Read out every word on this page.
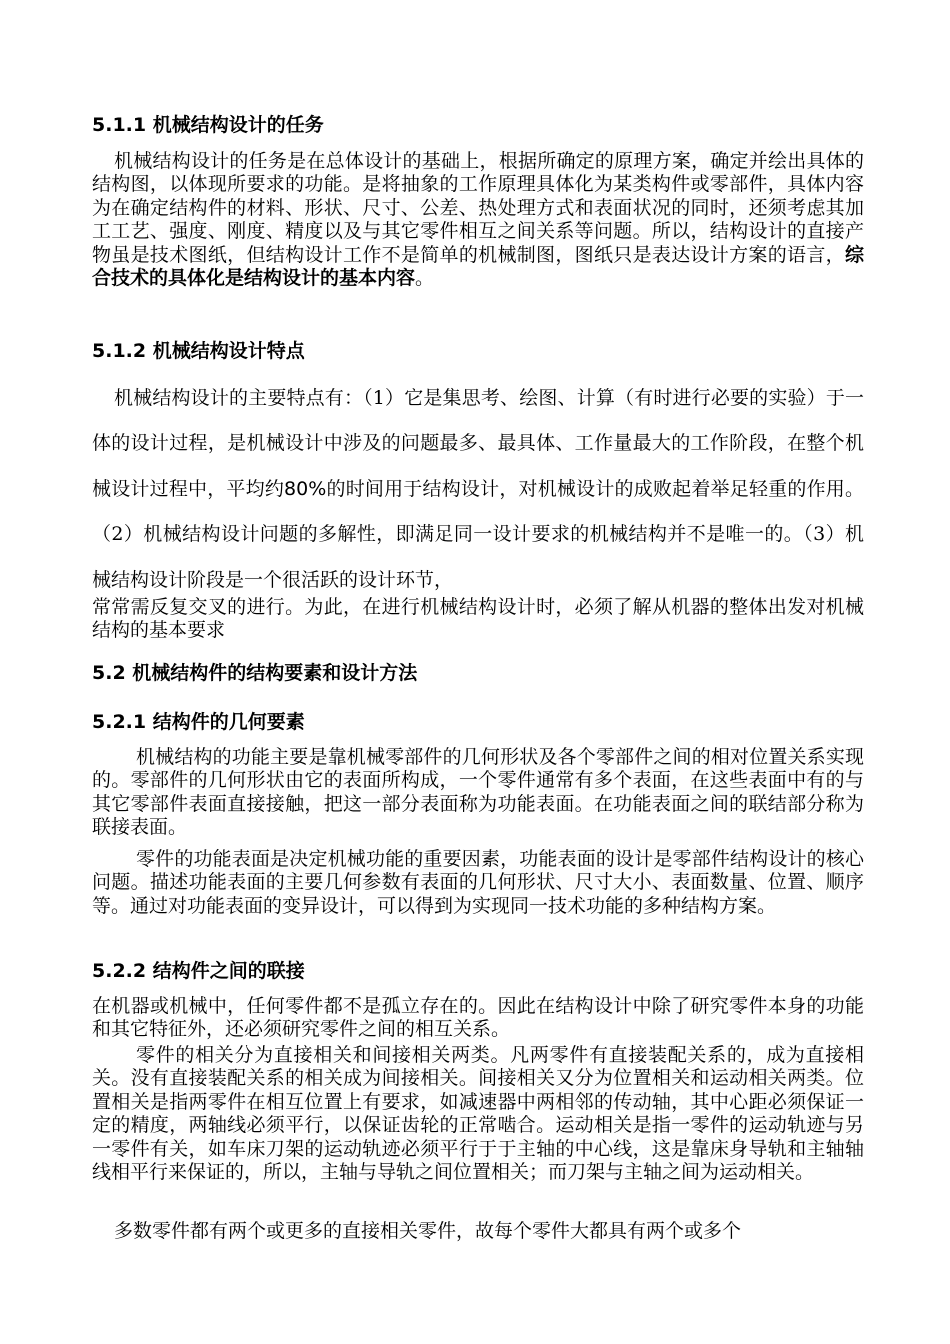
5.1.1 机械结构设计的任务
机械结构设计的任务是在总体设计的基础上，根据所确定的原理方案，确定并绘出具体的结构图，以体现所要求的功能。是将抽象的工作原理具体化为某类构件或零部件，具体内容为在确定结构件的材料、形状、尺寸、公差、热处理方式和表面状况的同时，还须考虑其加工工艺、强度、刚度、精度以及与其它零件相互之间关系等问题。所以，结构设计的直接产物虽是技术图纸，但结构设计工作不是简单的机械制图，图纸只是表达设计方案的语言，综合技术的具体化是结构设计的基本内容。
5.1.2 机械结构设计特点
机械结构设计的主要特点有：（1）它是集思考、绘图、计算（有时进行必要的实验）于一体的设计过程，是机械设计中涉及的问题最多、最具体、工作量最大的工作阶段，在整个机械设计过程中，平均约80%的时间用于结构设计，对机械设计的成败起着举足轻重的作用。（2）机械结构设计问题的多解性，即满足同一设计要求的机械结构并不是唯一的。（3）机械结构设计阶段是一个很活跃的设计环节，
常常需反复交叉的进行。为此，在进行机械结构设计时，必须了解从机器的整体出发对机械结构的基本要求
5.2 机械结构件的结构要素和设计方法
5.2.1 结构件的几何要素
机械结构的功能主要是靠机械零部件的几何形状及各个零部件之间的相对位置关系实现的。零部件的几何形状由它的表面所构成，一个零件通常有多个表面，在这些表面中有的与其它零部件表面直接接触，把这一部分表面称为功能表面。在功能表面之间的联结部分称为联接表面。
零件的功能表面是决定机械功能的重要因素，功能表面的设计是零部件结构设计的核心问题。描述功能表面的主要几何参数有表面的几何形状、尺寸大小、表面数量、位置、顺序等。通过对功能表面的变异设计，可以得到为实现同一技术功能的多种结构方案。
5.2.2 结构件之间的联接
在机器或机械中，任何零件都不是孤立存在的。因此在结构设计中除了研究零件本身的功能和其它特征外，还必须研究零件之间的相互关系。
零件的相关分为直接相关和间接相关两类。凡两零件有直接装配关系的，成为直接相关。没有直接装配关系的相关成为间接相关。间接相关又分为位置相关和运动相关两类。位置相关是指两零件在相互位置上有要求，如减速器中两相邻的传动轴，其中心距必须保证一定的精度，两轴线必须平行，以保证齿轮的正常啮合。运动相关是指一零件的运动轨迹与另一零件有关，如车床刀架的运动轨迹必须平行于于主轴的中心线，这是靠床身导轨和主轴轴线相平行来保证的，所以，主轴与导轨之间位置相关；而刀架与主轴之间为运动相关。
多数零件都有两个或更多的直接相关零件，故每个零件大都具有两个或多个
